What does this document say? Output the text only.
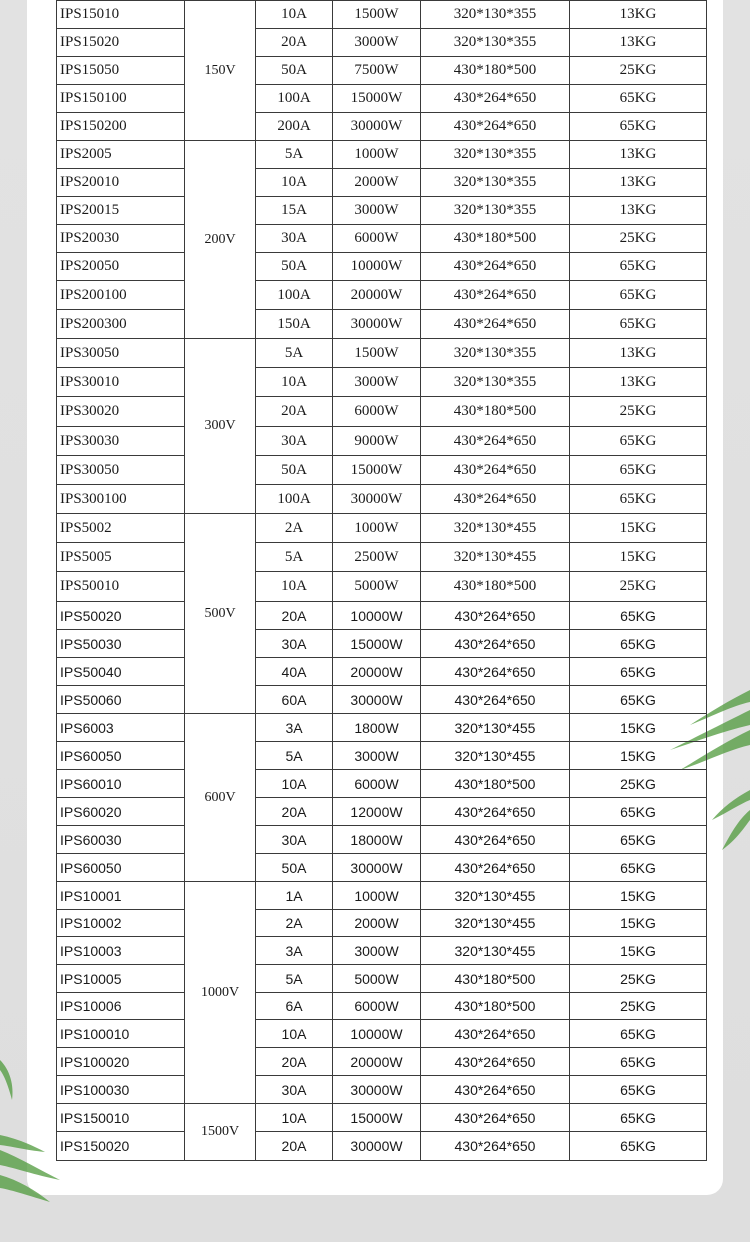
IPS15010	150V	10A	1500W	320*130*355	13KG
IPS15020		20A	3000W	320*130*355	13KG
IPS15050		50A	7500W	430*180*500	25KG
IPS150100		100A	15000W	430*264*650	65KG
IPS150200		200A	30000W	430*264*650	65KG
IPS2005	200V	5A	1000W	320*130*355	13KG
IPS20010		10A	2000W	320*130*355	13KG
IPS20015		15A	3000W	320*130*355	13KG
IPS20030		30A	6000W	430*180*500	25KG
IPS20050		50A	10000W	430*264*650	65KG
IPS200100		100A	20000W	430*264*650	65KG
IPS200300		150A	30000W	430*264*650	65KG
IPS30050	300V	5A	1500W	320*130*355	13KG
IPS30010		10A	3000W	320*130*355	13KG
IPS30020		20A	6000W	430*180*500	25KG
IPS30030		30A	9000W	430*264*650	65KG
IPS30050		50A	15000W	430*264*650	65KG
IPS300100		100A	30000W	430*264*650	65KG
IPS5002	500V	2A	1000W	320*130*455	15KG
IPS5005		5A	2500W	320*130*455	15KG
IPS50010		10A	5000W	430*180*500	25KG
IPS50020		20A	10000W	430*264*650	65KG
IPS50030		30A	15000W	430*264*650	65KG
IPS50040		40A	20000W	430*264*650	65KG
IPS50060		60A	30000W	430*264*650	65KG
IPS6003	600V	3A	1800W	320*130*455	15KG
IPS60050		5A	3000W	320*130*455	15KG
IPS60010		10A	6000W	430*180*500	25KG
IPS60020		20A	12000W	430*264*650	65KG
IPS60030		30A	18000W	430*264*650	65KG
IPS60050		50A	30000W	430*264*650	65KG
IPS10001	1000V	1A	1000W	320*130*455	15KG
IPS10002		2A	2000W	320*130*455	15KG
IPS10003		3A	3000W	320*130*455	15KG
IPS10005		5A	5000W	430*180*500	25KG
IPS10006		6A	6000W	430*180*500	25KG
IPS100010		10A	10000W	430*264*650	65KG
IPS100020		20A	20000W	430*264*650	65KG
IPS100030		30A	30000W	430*264*650	65KG
IPS150010	1500V	10A	15000W	430*264*650	65KG
IPS150020		20A	30000W	430*264*650	65KG
